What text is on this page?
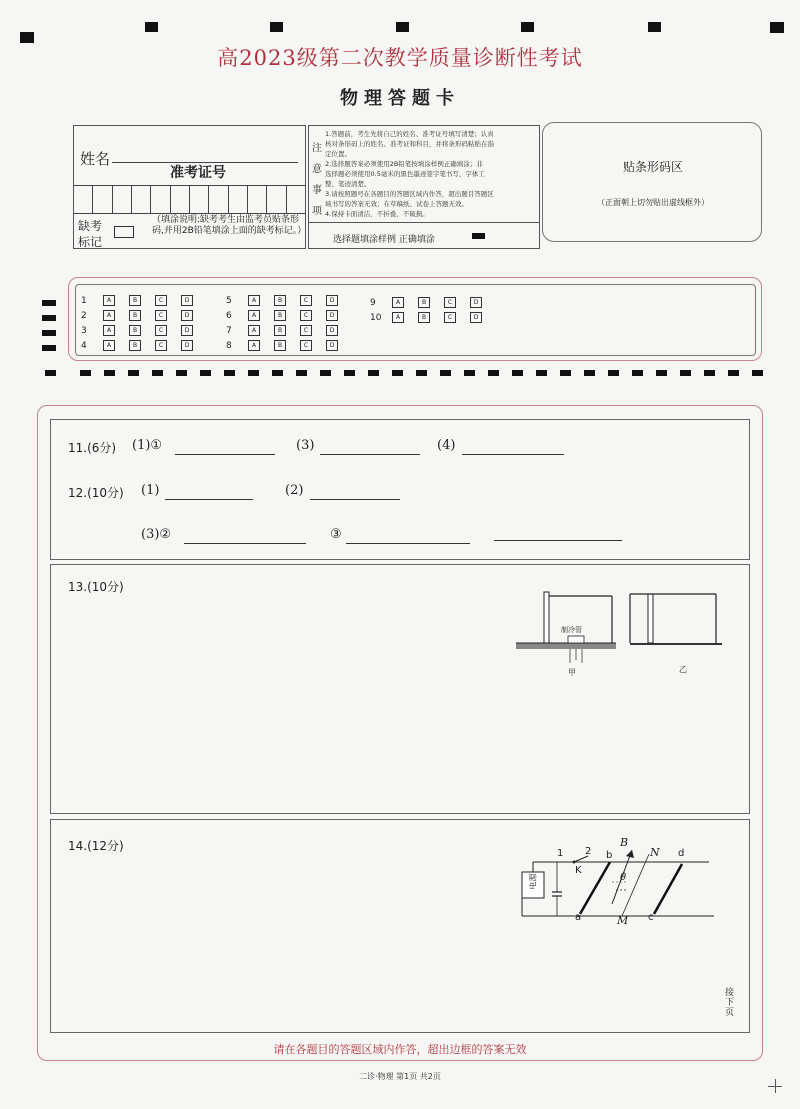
高2023级第二次教学质量诊断性考试
物理答题卡
姓名
准考证号
缺考
标记
（填涂说明:缺考考生由监考员贴条形码,并用2B铅笔填涂上面的缺考标记。）
注
意
事
项
1.答题前，考生先将自己的姓名、准考证号填写清楚；认真
核对条形码上的姓名、准考证和科目，并将条形码粘贴在指
定位置。
2.选择题答案必须使用2B铅笔按填涂样例正确填涂；非
选择题必须使用0.5毫米的黑色墨迹签字笔书写，字体工
整、笔迹清楚。
3.请按照题号在各题目的答题区域内作答，超出题目答题区
域书写的答案无效；在草稿纸、试卷上答题无效。
4.保持卡面清洁，不折叠、不破损。
选择题填涂样例 正确填涂
贴条形码区
（正面朝上切勿贴出虚线框外）
1	A	B	C	D
2	A	B	C	D
3	A	B	C	D
4	A	B	C	D
5	A	B	C	D
6	A	B	C	D
7	A	B	C	D
8	A	B	C	D
9	A	B	C	D
10	A	B	C	D
11.(6分) (1)①	(3)	(4)
12.(10分) (1)	(2)
(3)②	③
13.(10分)
制冷管
甲	乙
14.(12分)
1 2
B
N d
K
b
θ
电源
a	M c
接下页
请在各题目的答题区域内作答，超出边框的答案无效
二诊·物理 第1页 共2页
